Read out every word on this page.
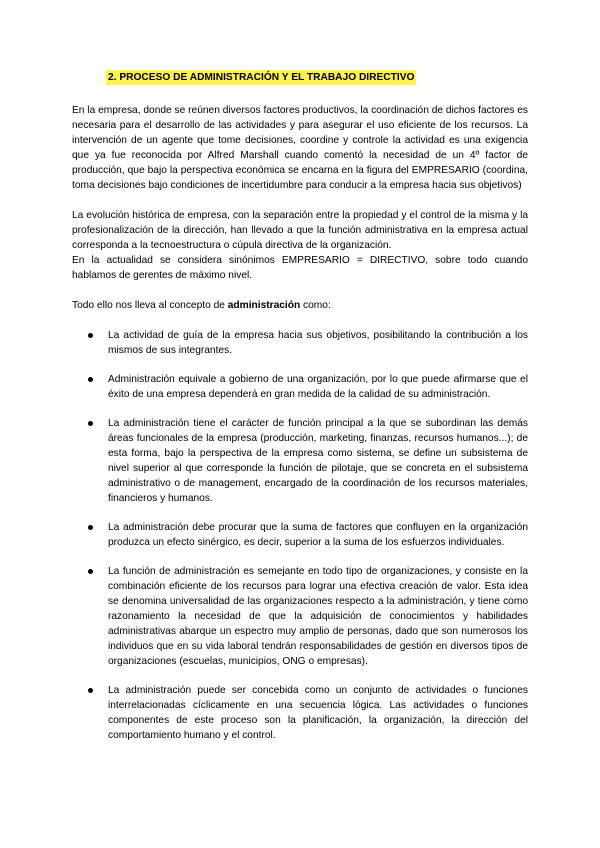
2. PROCESO DE ADMINISTRACIÓN Y EL TRABAJO DIRECTIVO

En la empresa, donde se reúnen diversos factores productivos, la coordinación de dichos factores es necesaria para el desarrollo de las actividades y para asegurar el uso eficiente de los recursos. La intervención de un agente que tome decisiones, coordine y controle la actividad es una exigencia que ya fue reconocida por Alfred Marshall cuando comentó la necesidad de un 4º factor de producción, que bajo la perspectiva económica se encarna en la figura del EMPRESARIO (coordina, toma decisiones bajo condiciones de incertidumbre para conducir a la empresa hacia sus objetivos)

La evolución histórica de empresa, con la separación entre la propiedad y el control de la misma y la profesionalización de la dirección, han llevado a que la función administrativa en la empresa actual corresponda a la tecnoestructura o cúpula directiva de la organización.

En la actualidad se considera sinónimos EMPRESARIO = DIRECTIVO, sobre todo cuando hablamos de gerentes de máximo nivel.

Todo ello nos lleva al concepto de administración como:

La actividad de guía de la empresa hacia sus objetivos, posibilitando la contribución a los mismos de sus integrantes.
Administración equivale a gobierno de una organización, por lo que puede afirmarse que el éxito de una empresa dependerá en gran medida de la calidad de su administración.
La administración tiene el carácter de función principal a la que se subordinan las demás áreas funcionales de la empresa (producción, marketing, finanzas, recursos humanos...); de esta forma, bajo la perspectiva de la empresa como sistema, se define un subsistema de nivel superior al que corresponde la función de pilotaje, que se concreta en el subsistema administrativo o de management, encargado de la coordinación de los recursos materiales, financieros y humanos.
La administración debe procurar que la suma de factores que confluyen en la organización produzca un efecto sinérgico, es decir, superior a la suma de los esfuerzos individuales.
La función de administración es semejante en todo tipo de organizaciones, y consiste en la combinación eficiente de los recursos para lograr una efectiva creación de valor. Esta idea se denomina universalidad de las organizaciones respecto a la administración, y tiene como razonamiento la necesidad de que la adquisición de conocimientos y habilidades administrativas abarque un espectro muy amplio de personas, dado que son numerosos los individuos que en su vida laboral tendrán responsabilidades de gestión en diversos tipos de organizaciones (escuelas, municipios, ONG o empresas).
La administración puede ser concebida como un conjunto de actividades o funciones interrelacionadas cíclicamente en una secuencia lógica. Las actividades o funciones componentes de este proceso son la planificación, la organización, la dirección del comportamiento humano y el control.
